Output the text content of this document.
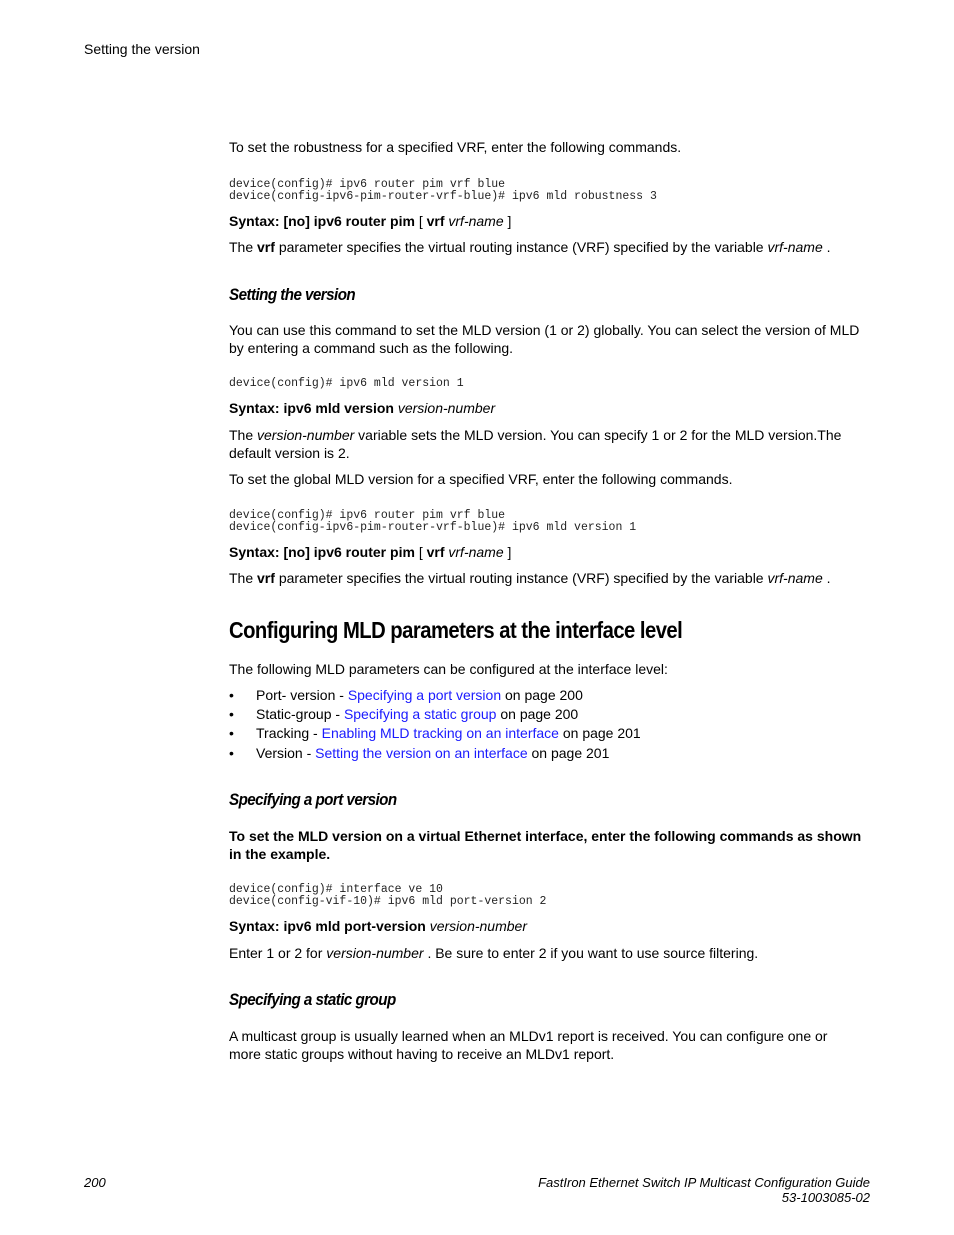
Setting the version
To set the robustness for a specified VRF, enter the following commands.
device(config)# ipv6 router pim vrf blue
device(config-ipv6-pim-router-vrf-blue)# ipv6 mld robustness 3
Syntax: [no] ipv6 router pim [ vrf vrf-name ]
The vrf parameter specifies the virtual routing instance (VRF) specified by the variable vrf-name .
Setting the version
You can use this command to set the MLD version (1 or 2) globally. You can select the version of MLD
by entering a command such as the following.
device(config)# ipv6 mld version 1
Syntax: ipv6 mld version version-number
The version-number variable sets the MLD version. You can specify 1 or 2 for the MLD version.The
default version is 2.
To set the global MLD version for a specified VRF, enter the following commands.
device(config)# ipv6 router pim vrf blue
device(config-ipv6-pim-router-vrf-blue)# ipv6 mld version 1
Syntax: [no] ipv6 router pim [ vrf vrf-name ]
The vrf parameter specifies the virtual routing instance (VRF) specified by the variable vrf-name .
Configuring MLD parameters at the interface level
The following MLD parameters can be configured at the interface level:
• Port- version - Specifying a port version on page 200
• Static-group - Specifying a static group on page 200
• Tracking - Enabling MLD tracking on an interface on page 201
• Version - Setting the version on an interface on page 201
Specifying a port version
To set the MLD version on a virtual Ethernet interface, enter the following commands as shown
in the example.
device(config)# interface ve 10
device(config-vif-10)# ipv6 mld port-version 2
Syntax: ipv6 mld port-version version-number
Enter 1 or 2 for version-number . Be sure to enter 2 if you want to use source filtering.
Specifying a static group
A multicast group is usually learned when an MLDv1 report is received. You can configure one or
more static groups without having to receive an MLDv1 report.
200	FastIron Ethernet Switch IP Multicast Configuration Guide
53-1003085-02
